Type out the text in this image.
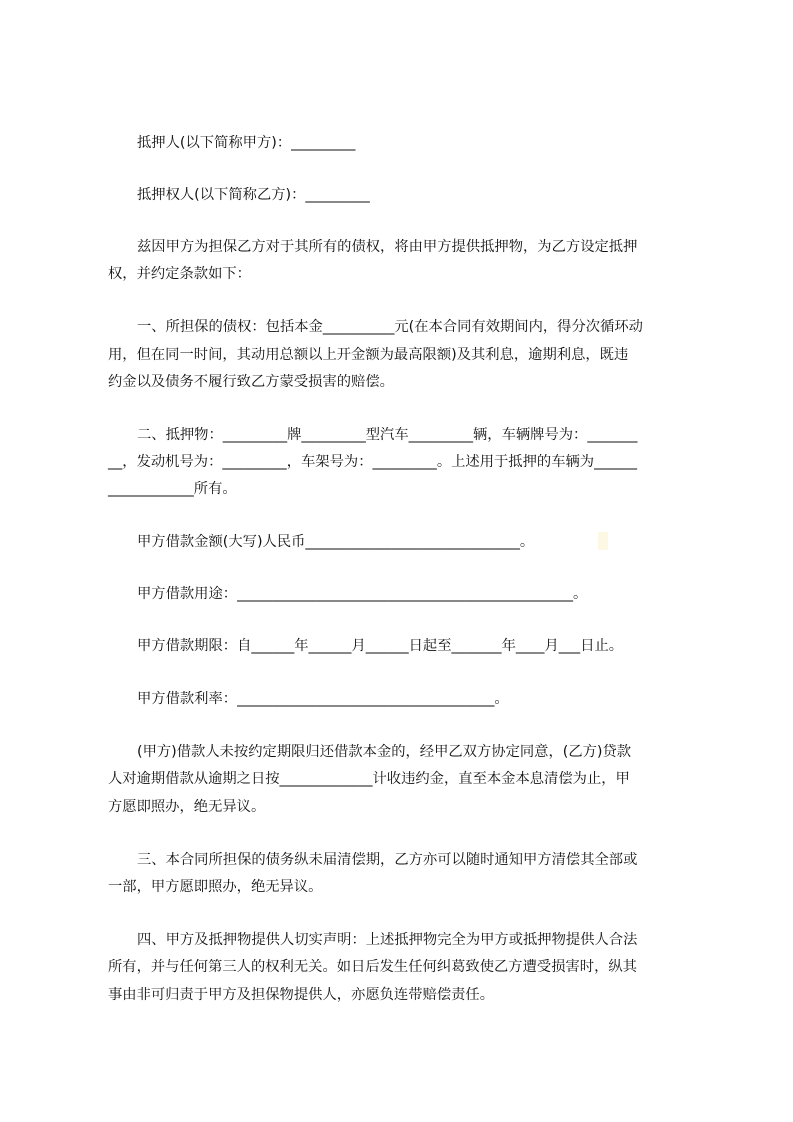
抵押人(以下简称甲方)：_________

抵押权人(以下简称乙方)：_________

兹因甲方为担保乙方对于其所有的债权，将由甲方提供抵押物，为乙方设定抵押

权，并约定条款如下：

一、所担保的债权：包括本金__________元(在本合同有效期间内，得分次循环动

用，但在同一时间，其动用总额以上开金额为最高限额)及其利息，逾期利息，既违

约金以及债务不履行致乙方蒙受损害的赔偿。

二、抵押物：_________牌_________型汽车_________辆，车辆牌号为：_______

__，发动机号为：_________，车架号为：_________。上述用于抵押的车辆为______

____________所有。

甲方借款金额(大写)人民币______________________________。

甲方借款用途：_______________________________________________。

甲方借款期限：自______年______月______日起至_______年____月___日止。

甲方借款利率：____________________________________。

(甲方)借款人未按约定期限归还借款本金的，经甲乙双方协定同意，(乙方)贷款

人对逾期借款从逾期之日按_____________计收违约金，直至本金本息清偿为止，甲

方愿即照办，绝无异议。

三、本合同所担保的债务纵未届清偿期，乙方亦可以随时通知甲方清偿其全部或

一部，甲方愿即照办，绝无异议。

四、甲方及抵押物提供人切实声明：上述抵押物完全为甲方或抵押物提供人合法

所有，并与任何第三人的权利无关。如日后发生任何纠葛致使乙方遭受损害时，纵其

事由非可归责于甲方及担保物提供人，亦愿负连带赔偿责任。
